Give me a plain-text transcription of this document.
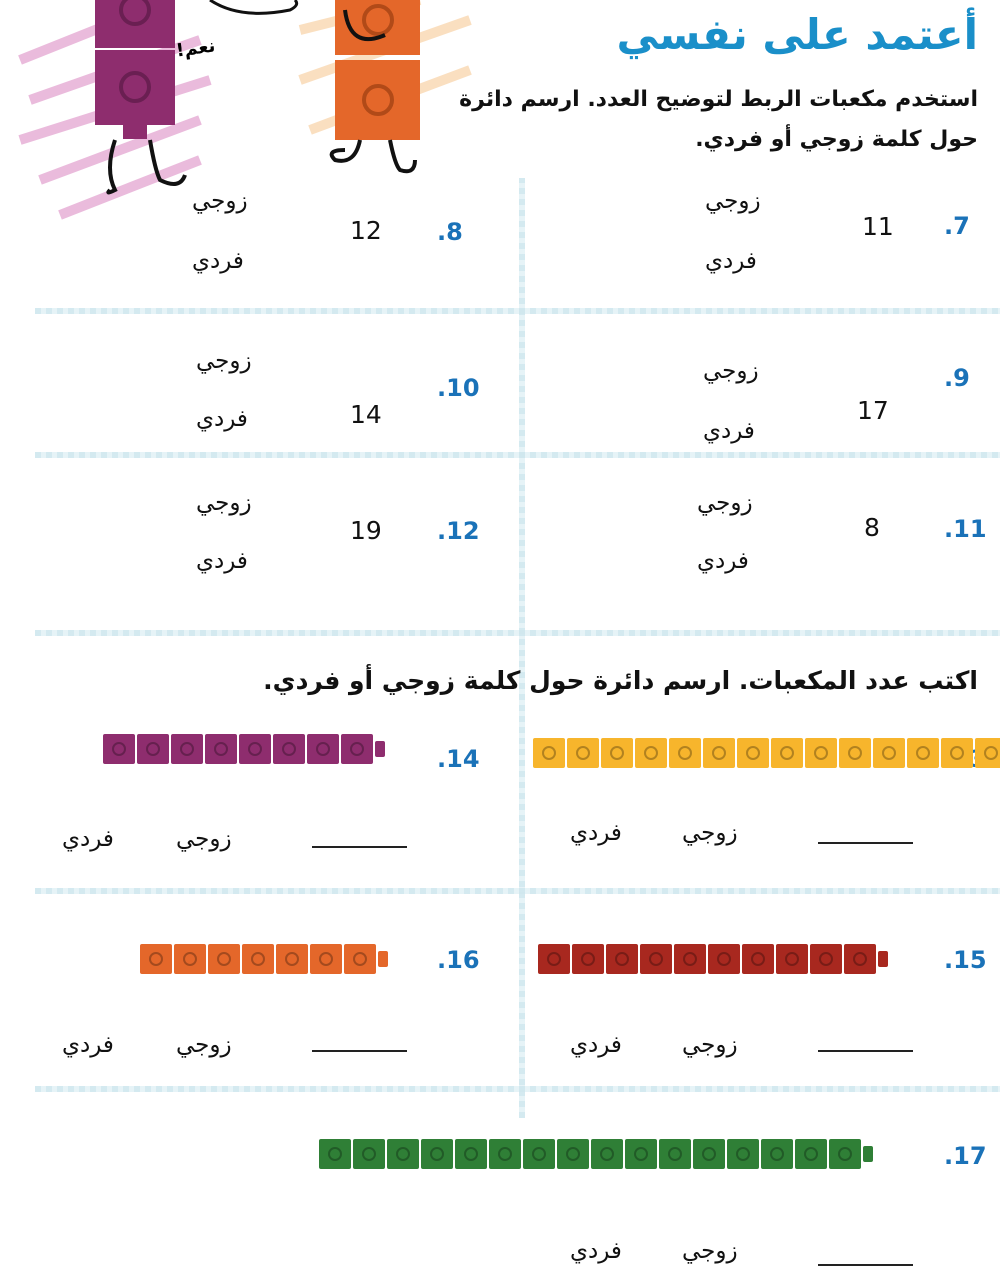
نعم!	أعتمد على نفسي
استخدم مكعبات الربط لتوضيح العدد. ارسم دائرة حول كلمة زوجي أو فردي.
.7
11
زوجي
فردي
.8
12
زوجي
فردي
.9
17
زوجي
فردي
.10
14
زوجي
فردي
.11
8
زوجي
فردي
.12
19
زوجي
فردي
اكتب عدد المكعبات. ارسم دائرة حول كلمة زوجي أو فردي.
زوجي
فردي
.14
زوجي
فردي
.15
زوجي
فردي
.16
زوجي
فردي
.17
زوجي
فردي
